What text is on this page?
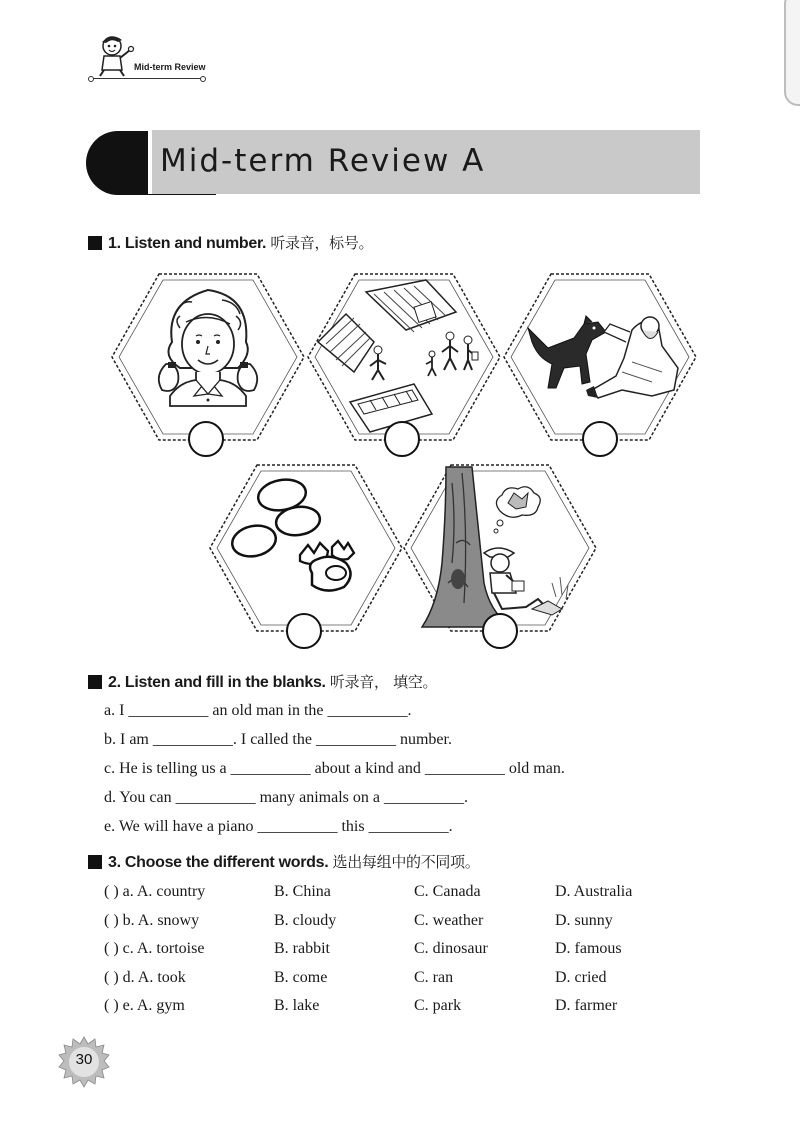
Mid-term Review
Mid-term Review A
1. Listen and number. 听录音，标号。
2. Listen and fill in the blanks. 听录音， 填空。
a. I __________ an old man in the __________.
b. I am __________. I called the __________ number.
c. He is telling us a __________ about a kind and __________ old man.
d. You can __________ many animals on a __________.
e. We will have a piano __________ this __________.
3. Choose the different words. 选出每组中的不同项。
( ) a. A. country	B. China	C. Canada	D. Australia
( ) b. A. snowy	B. cloudy	C. weather	D. sunny
( ) c. A. tortoise	B. rabbit	C. dinosaur	D. famous
( ) d. A. took	B. come	C. ran	D. cried
( ) e. A. gym	B. lake	C. park	D. farmer
30
